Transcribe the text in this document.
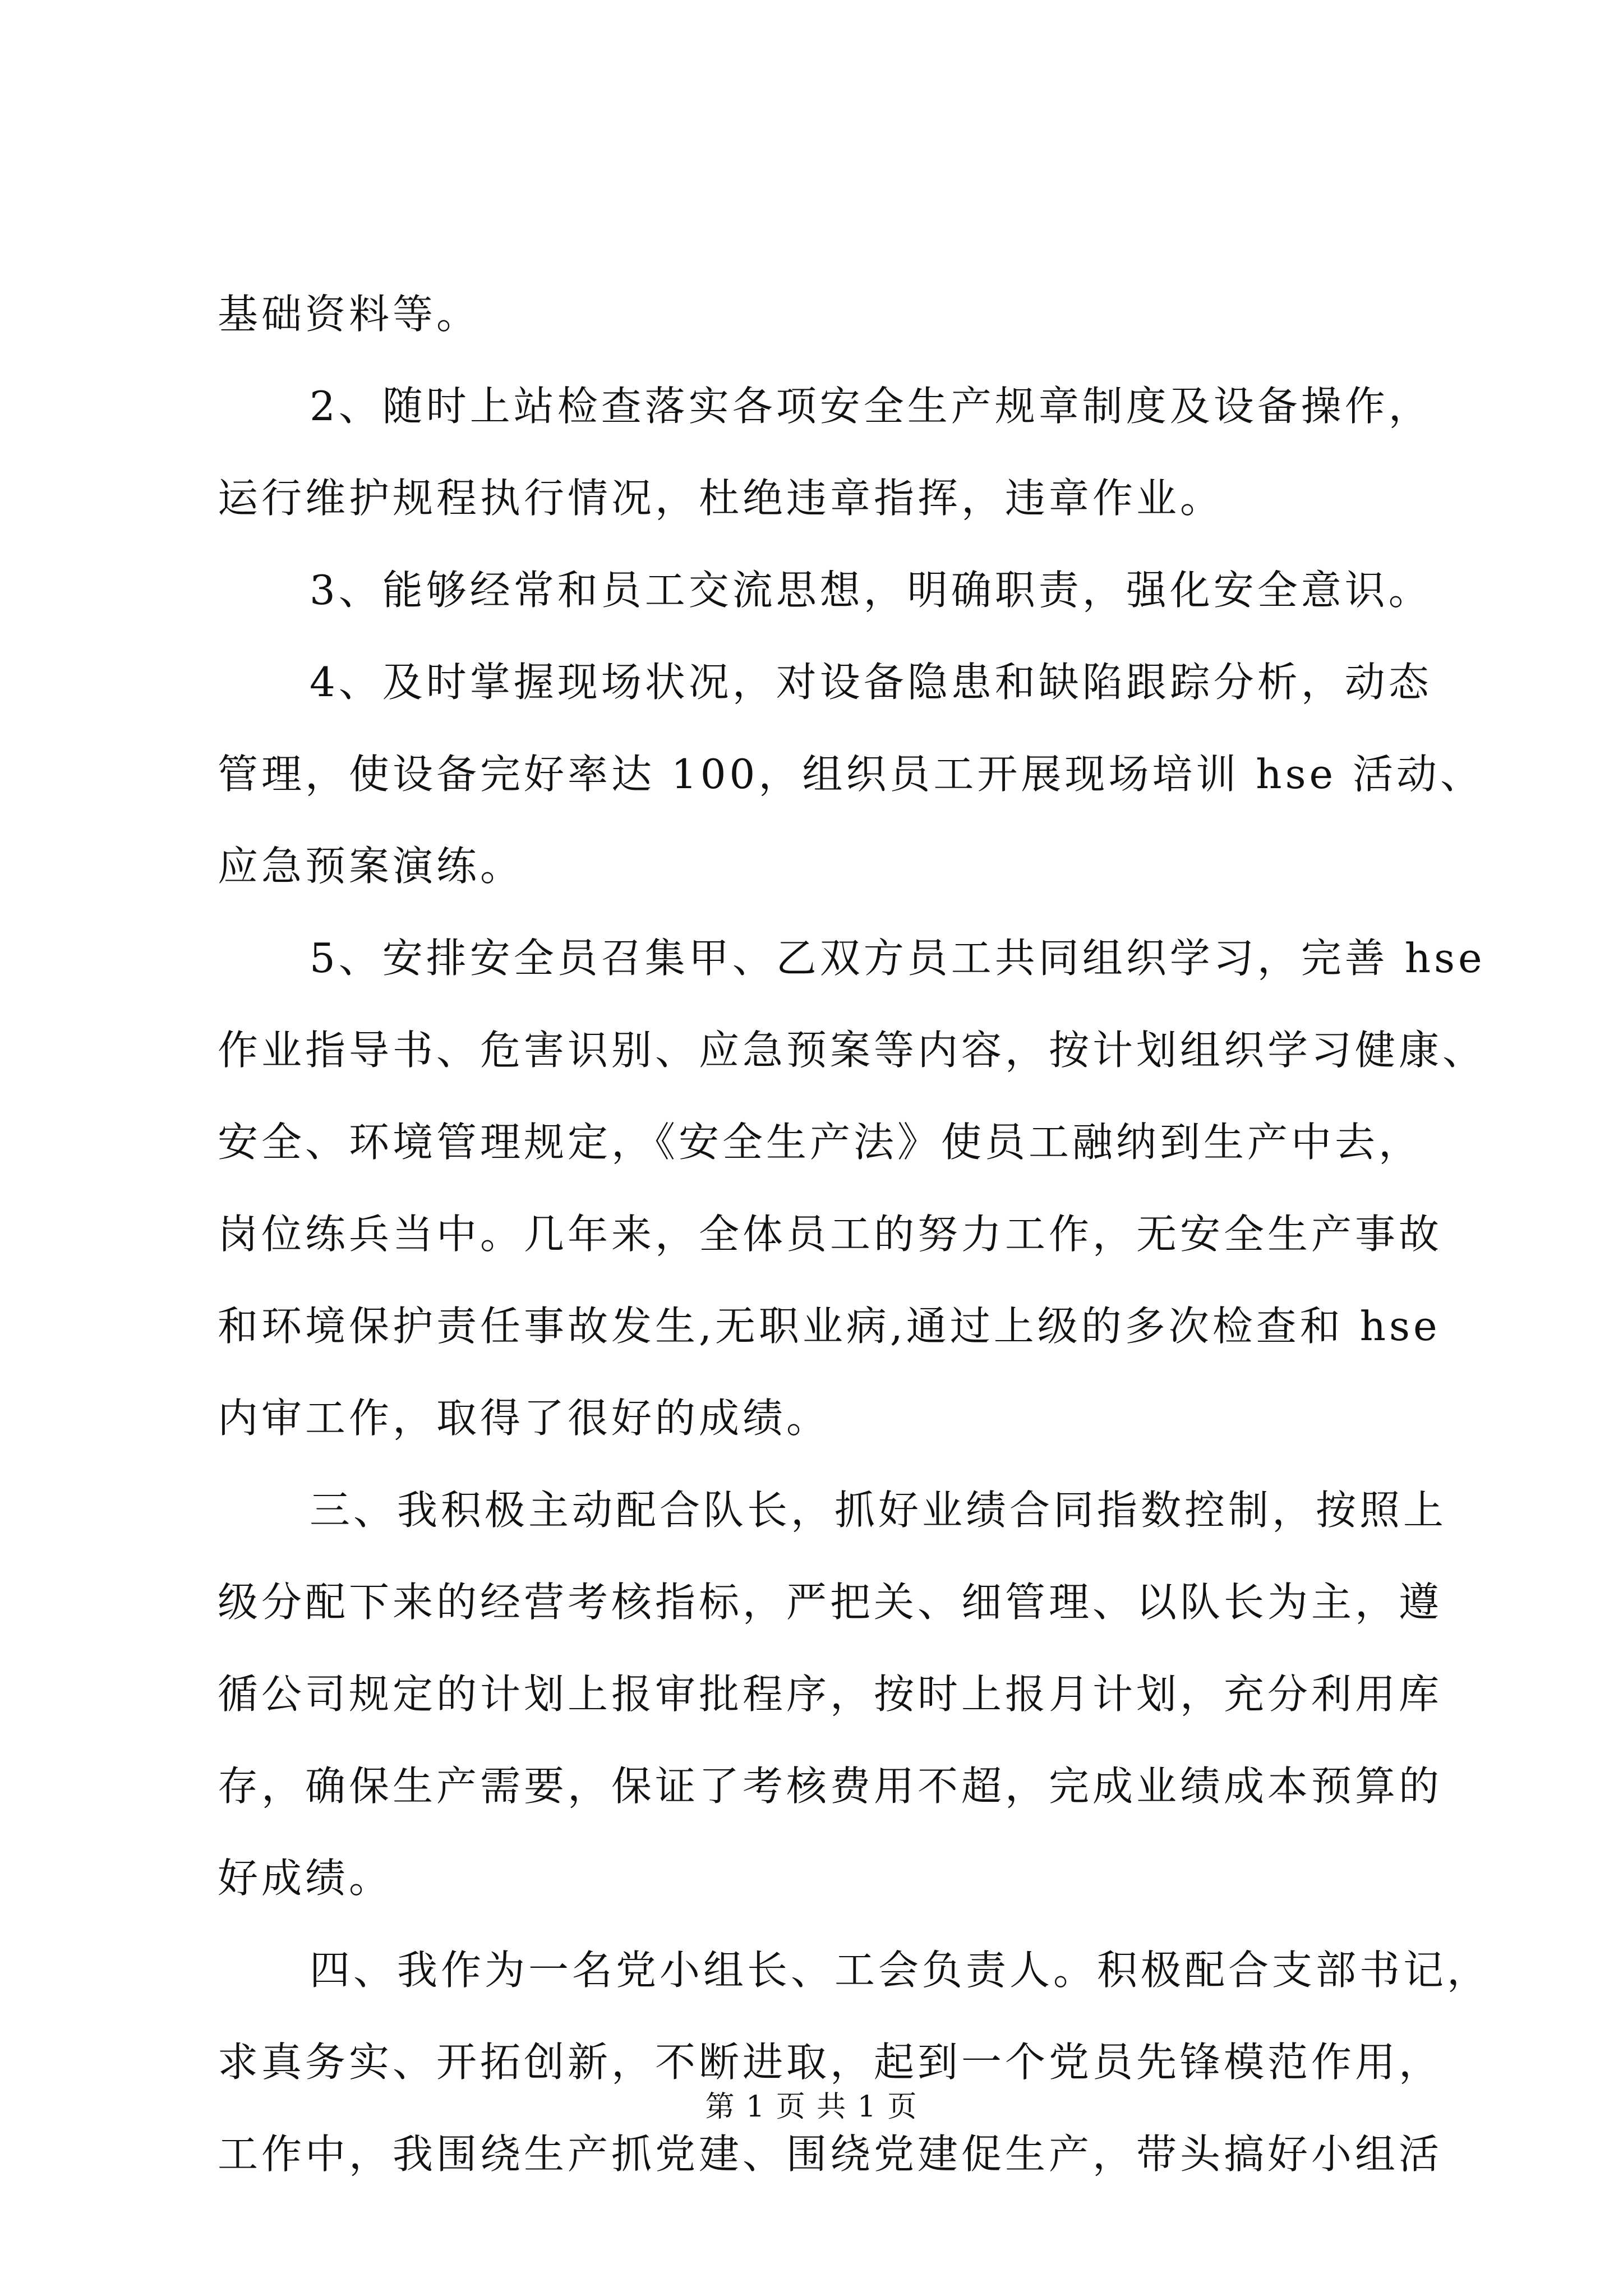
基础资料等。
2、随时上站检查落实各项安全生产规章制度及设备操作，
运行维护规程执行情况，杜绝违章指挥，违章作业。
3、能够经常和员工交流思想，明确职责，强化安全意识。
4、及时掌握现场状况，对设备隐患和缺陷跟踪分析，动态
管理，使设备完好率达 100，组织员工开展现场培训 hse 活动、
应急预案演练。
5、安排安全员召集甲、乙双方员工共同组织学习，完善 hse
作业指导书、危害识别、应急预案等内容，按计划组织学习健康、
安全、环境管理规定，《安全生产法》使员工融纳到生产中去，
岗位练兵当中。几年来，全体员工的努力工作，无安全生产事故
和环境保护责任事故发生,无职业病,通过上级的多次检查和 hse
内审工作，取得了很好的成绩。
三、我积极主动配合队长，抓好业绩合同指数控制，按照上
级分配下来的经营考核指标，严把关、细管理、以队长为主，遵
循公司规定的计划上报审批程序，按时上报月计划，充分利用库
存，确保生产需要，保证了考核费用不超，完成业绩成本预算的
好成绩。
四、我作为一名党小组长、工会负责人。积极配合支部书记，
求真务实、开拓创新，不断进取，起到一个党员先锋模范作用，
工作中，我围绕生产抓党建、围绕党建促生产，带头搞好小组活
第 1 页 共 1 页
